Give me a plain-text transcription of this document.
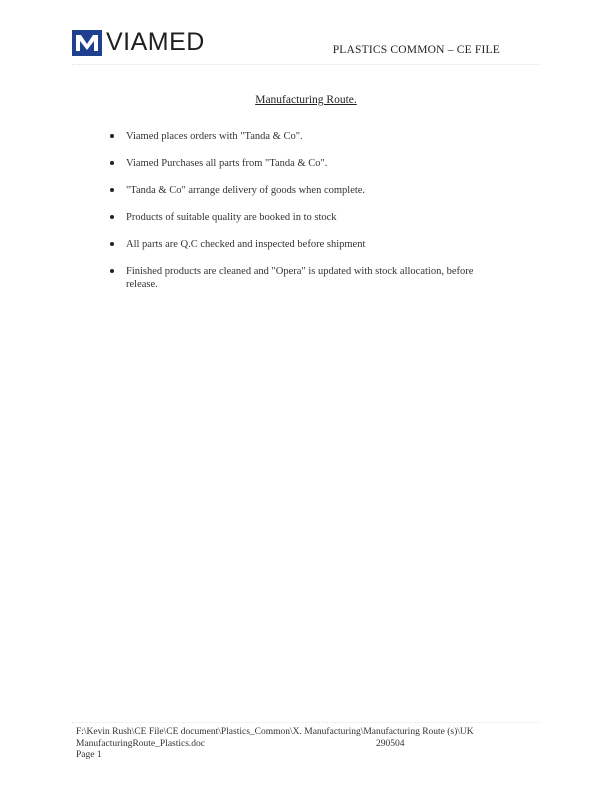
VIAMED	PLASTICS COMMON – CE FILE
Manufacturing Route.
Viamed places orders with "Tanda & Co".
Viamed Purchases all parts from "Tanda & Co".
"Tanda & Co" arrange delivery of goods when complete.
Products of suitable quality are booked in to stock
All parts are Q.C checked and inspected before shipment
Finished products are cleaned and "Opera" is updated with stock allocation, before release.
F:\Kevin Rush\CE File\CE document\Plastics_Common\X. Manufacturing\Manufacturing Route (s)\UK
ManufacturingRoute_Plastics.doc	290504
Page 1
